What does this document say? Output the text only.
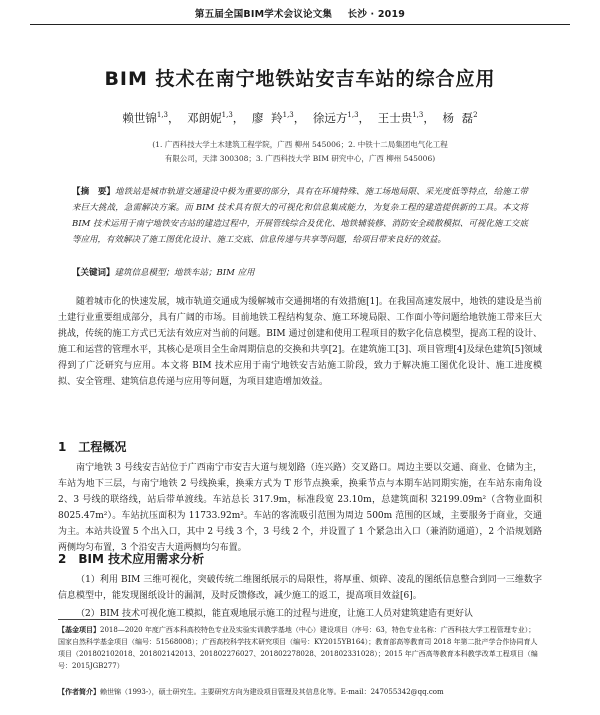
第五届全国BIM学术会议论文集 长沙 · 2019
BIM 技术在南宁地铁站安吉车站的综合应用
赖世锦$^{1,3}$， 邓朗妮$^{1,3}$， 廖 羚$^{1,3}$， 徐远方$^{1,3}$， 王士贵$^{1,3}$， 杨 磊$^2$
(1. 广西科技大学土木建筑工程学院，广西 柳州 545006；2. 中铁十二局集团电气化工程
有限公司，天津 300308；3. 广西科技大学 BIM 研究中心，广西 柳州 545006)
【摘　要】地铁站是城市轨道交通建设中极为重要的部分，具有在环境特殊、施工场地局限、采光度低等特点，给施工带来巨大挑战，急需解决方案。而 BIM 技术具有很大的可视化和信息集成能力，为复杂工程的建造提供新的工具。本文将 BIM 技术运用于南宁地铁安吉站的建造过程中，开展管线综合及优化、地铁辅装修、消防安全疏散模拟、可视化施工交底等应用，有效解决了施工图优化设计、施工交底、信息传递与共享等问题，给项目带来良好的效益。
【关键词】建筑信息模型；地铁车站；BIM 应用
随着城市化的快速发展，城市轨道交通成为缓解城市交通拥堵的有效措施[1]。在我国高速发展中，地铁的建设是当前土建行业重要组成部分，具有广阔的市场。目前地铁工程结构复杂、施工环境局限、工作面小等问题给地铁施工带来巨大挑战，传统的施工方式已无法有效应对当前的问题。BIM 通过创建和使用工程项目的数字化信息模型，提高工程的设计、施工和运营的管理水平，其核心是项目全生命周期信息的交换和共享[2]。在建筑施工[3]、项目管理[4]及绿色建筑[5]领域得到了广泛研究与应用。本文将 BIM 技术应用于南宁地铁安吉站施工阶段，致力于解决施工图优化设计、施工进度模拟、安全管理、建筑信息传递与应用等问题，为项目建造增加效益。
1 工程概况
南宁地铁 3 号线安吉站位于广西南宁市安吉大道与规划路（连兴路）交叉路口。周边主要以交通、商业、仓储为主，车站为地下三层，与南宁地铁 2 号线换乘，换乘方式为 T 形节点换乘，换乘节点与本期车站同期实施，在车站东南角设 2、3 号线的联络线，站后带单渡线。车站总长 317.9m，标准段宽 23.10m，总建筑面积 32199.09m²（含物业面积 8025.47m²）。车站抗压面积为 11733.92m²。车站的客流吸引范围为周边 500m 范围的区域，主要服务于商业，交通为主。本站共设置 5 个出入口，其中 2 号线 3 个，3 号线 2 个，并设置了 1 个紧急出入口（兼消防通道），2 个沿规划路两侧均匀布置，3 个沿安吉大道两侧均匀布置。
2 BIM 技术应用需求分析
（1）利用 BIM 三维可视化，突破传统二维图纸展示的局限性，将厚重、烦碎、凌乱的图纸信息整合到同一三维数字信息模型中，能发现图纸设计的漏洞，及时反馈修改，减少施工的返工，提高项目效益[6]。
（2）BIM 技术可视化施工模拟，能直观地展示施工的过程与进度，让施工人员对建筑建造有更好认
【基金项目】2018—2020 年度广西本科高校特色专业及实验实训教学基地（中心）建设项目（序号：63，特色专业名称：广西科技大学工程管理专业）；国家自然科学基金项目（编号：51568008）；广西高校科学技术研究项目（编号：KY2015YB164）；教育部高等教育司 2018 年第二批产学合作协同育人项目（201802102018、201802142013、201802276027、201802278028、201802331028）；2015 年广西高等教育本科教学改革工程项目（编号：2015JGB277）
【作者简介】赖世锦（1993-），硕士研究生。主要研究方向为建设项目管理及其信息化等。E-mail：247055342@qq.com
